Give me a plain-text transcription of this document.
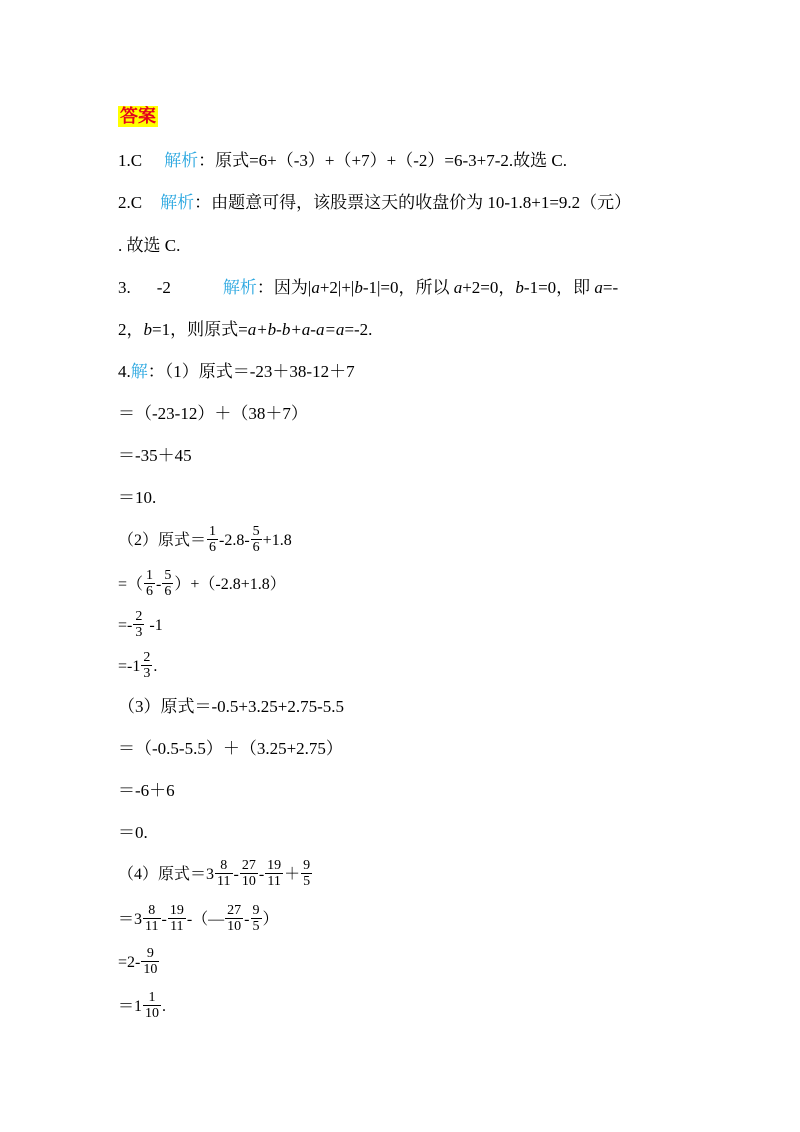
答案
1.C 解析：原式=6+（-3）+（+7）+（-2）=6-3+7-2.故选 C.
2.C 解析：由题意可得，该股票这天的收盘价为 10-1.8+1=9.2（元）
. 故选 C.
3. -2	解析：因为|a+2|+|b-1|=0，所以 a+2=0，b-1=0，即 a=-
2，b=1，则原式=a+b-b+a-a=a=-2.
4.解：（1）原式＝-23＋38-12＋7
＝（-23-12）＋（38＋7）
＝-35＋45
＝10.
（2）原式＝ $\frac{1}{6} -2.8- \frac{5}{6} +1.8$
=（ $\frac{1}{6} - \frac{5}{6} )+(-2.8+1.8)$
=- $\frac{2}{3} -1$
$=-1 \frac{2}{3}$ .
（3）原式＝-0.5+3.25+2.75-5.5
＝（-0.5-5.5）＋（3.25+2.75）
＝-6＋6
＝0.
（4）原式$=3 \frac{8}{11} - \frac{27}{10} - \frac{19}{11} + \frac{9}{5}$
$=3 \frac{8}{11} - \frac{19}{11}$ -（— $\frac{27}{10} - \frac{9}{5}$ ）
$=2- \frac{9}{10}$
$=1 \frac{1}{10}$ .
